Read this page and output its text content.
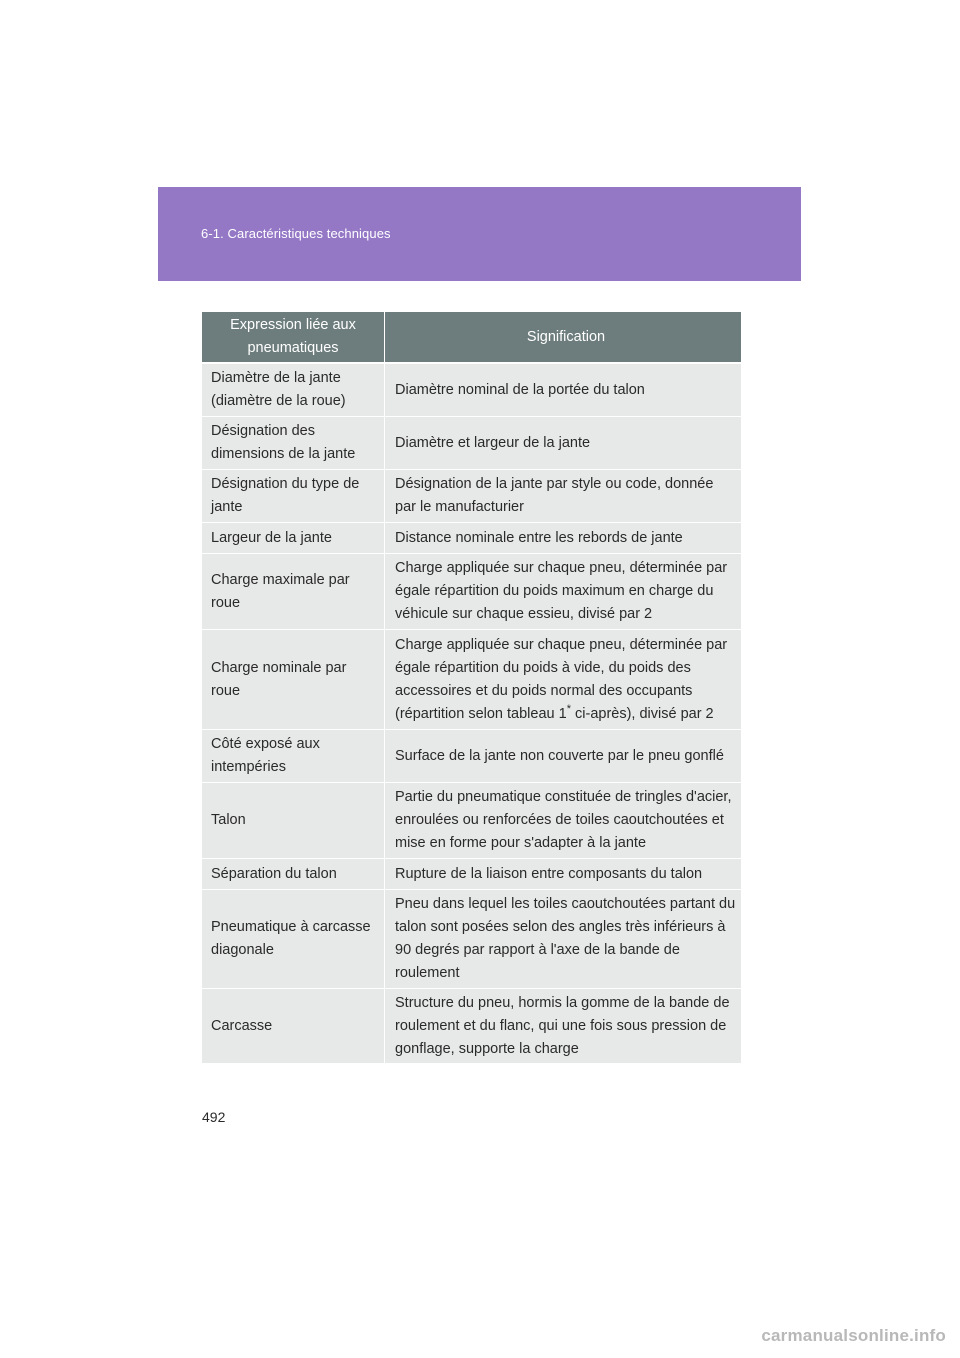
6-1. Caractéristiques techniques
Expression liée aux pneumatiques
Signification
Diamètre de la jante (diamètre de la roue)
Diamètre nominal de la portée du talon
Désignation des dimensions de la jante
Diamètre et largeur de la jante
Désignation du type de jante
Désignation de la jante par style ou code, donnée par le manufacturier
Largeur de la jante	Distance nominale entre les rebords de jante
Charge maximale par roue
Charge appliquée sur chaque pneu, déterminée par égale répartition du poids maximum en charge du véhicule sur chaque essieu, divisé par 2
Charge nominale par roue
Charge appliquée sur chaque pneu, déterminée par égale répartition du poids à vide, du poids des accessoires et du poids normal des occupants (répartition selon tableau 1* ci-après), divisé par 2
Côté exposé aux intempéries
Surface de la jante non couverte par le pneu gonflé
Talon
Partie du pneumatique constituée de tringles d'acier, enroulées ou renforcées de toiles caoutchoutées et mise en forme pour s'adapter à la jante
Séparation du talon	Rupture de la liaison entre composants du talon
Pneumatique à carcasse diagonale
Pneu dans lequel les toiles caoutchoutées partant du talon sont posées selon des angles très inférieurs à 90 degrés par rapport à l'axe de la bande de roulement
Carcasse
Structure du pneu, hormis la gomme de la bande de roulement et du flanc, qui une fois sous pression de gonflage, supporte la charge
492
carmanualsonline.info
